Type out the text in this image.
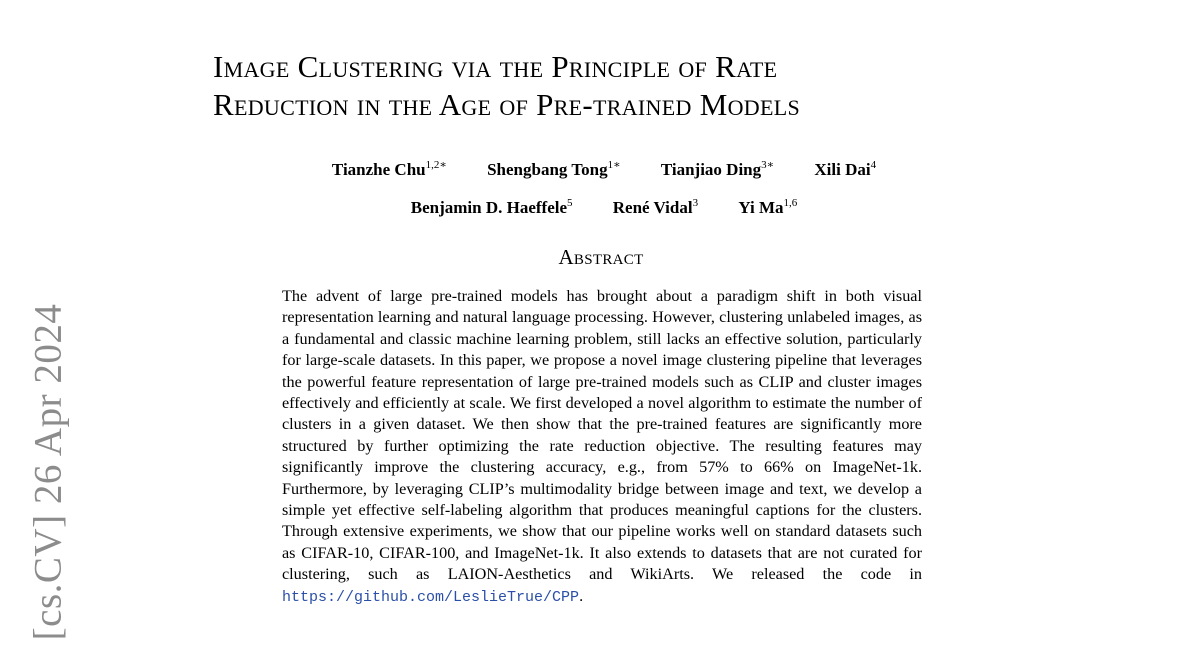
[cs.CV] 26 Apr 2024
Image Clustering via the Principle of Rate
Reduction in the Age of Pre-trained Models
Tianzhe Chu$^{1,2∗}$ Shengbang Tong$^{1∗}$ Tianjiao Ding$^{3∗}$ Xili Dai$^4$
Benjamin D. Haeffele$^5$ René Vidal$^3$ Yi Ma$^{1,6}$
Abstract

The advent of large pre-trained models has brought about a paradigm shift in both visual representation learning and natural language processing. However, clustering unlabeled images, as a fundamental and classic machine learning problem, still lacks an effective solution, particularly for large-scale datasets. In this paper, we propose a novel image clustering pipeline that leverages the powerful feature representation of large pre-trained models such as CLIP and cluster images effectively and efficiently at scale. We first developed a novel algorithm to estimate the number of clusters in a given dataset. We then show that the pre-trained features are significantly more structured by further optimizing the rate reduction objective. The resulting features may significantly improve the clustering accuracy, e.g., from 57% to 66% on ImageNet-1k. Furthermore, by leveraging CLIP’s multimodality bridge between image and text, we develop a simple yet effective self-labeling algorithm that produces meaningful captions for the clusters. Through extensive experiments, we show that our pipeline works well on standard datasets such as CIFAR-10, CIFAR-100, and ImageNet-1k. It also extends to datasets that are not curated for clustering, such as LAION-Aesthetics and WikiArts. We released the code in https://github.com/LeslieTrue/CPP.
